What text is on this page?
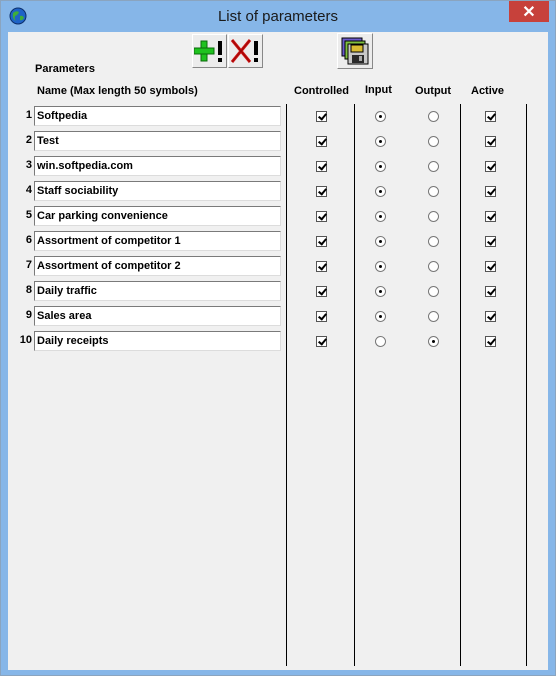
List of parameters	✕
Parameters
Name (Max length 50 symbols)	Controlled Input Output Active
1 Softpedia
2 Test
3 win.softpedia.com
4 Staff sociability
5 Car parking convenience
6 Assortment of competitor 1
7 Assortment of competitor 2
8 Daily traffic
9 Sales area
10 Daily receipts
